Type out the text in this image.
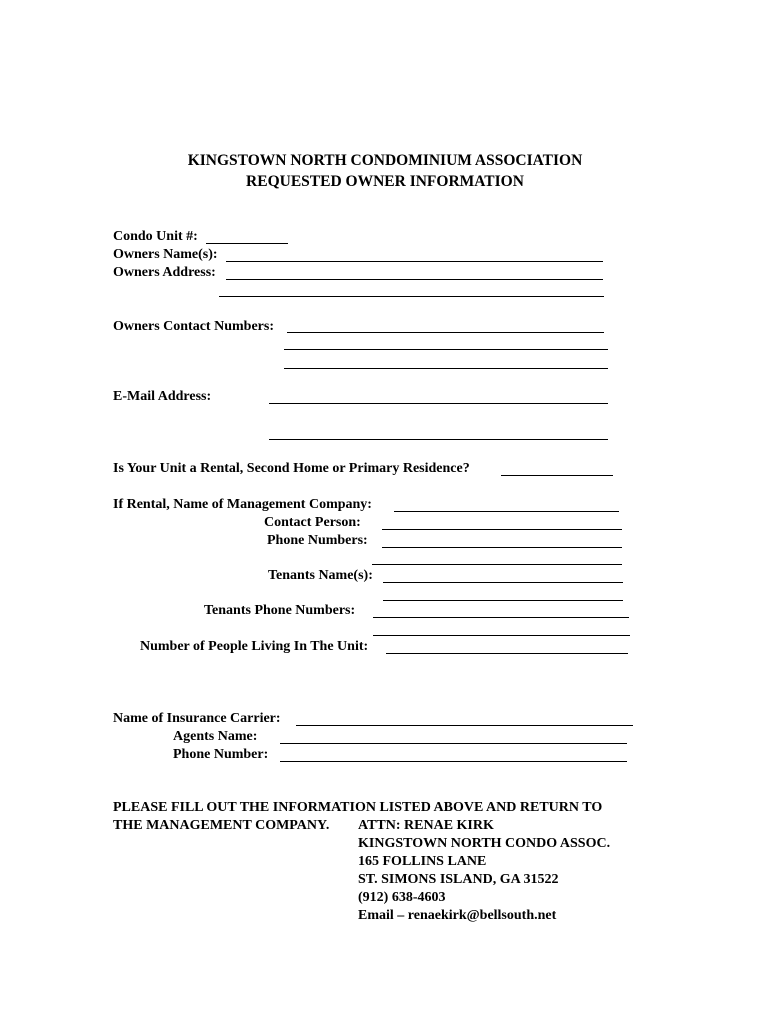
KINGSTOWN NORTH CONDOMINIUM ASSOCIATION
REQUESTED OWNER INFORMATION
Condo Unit #:
Owners Name(s):
Owners Address:
Owners Contact Numbers:
E-Mail Address:
Is Your Unit a Rental, Second Home or Primary Residence?
If Rental, Name of Management Company:
Contact Person:
Phone Numbers:
Tenants Name(s):
Tenants Phone Numbers:
Number of People Living In The Unit:
Name of Insurance Carrier:
Agents Name:
Phone Number:
PLEASE FILL OUT THE INFORMATION LISTED ABOVE AND RETURN TO
THE MANAGEMENT COMPANY. ATTN: RENAE KIRK
KINGSTOWN NORTH CONDO ASSOC.
165 FOLLINS LANE
ST. SIMONS ISLAND, GA 31522
(912) 638-4603
Email – renaekirk@bellsouth.net
